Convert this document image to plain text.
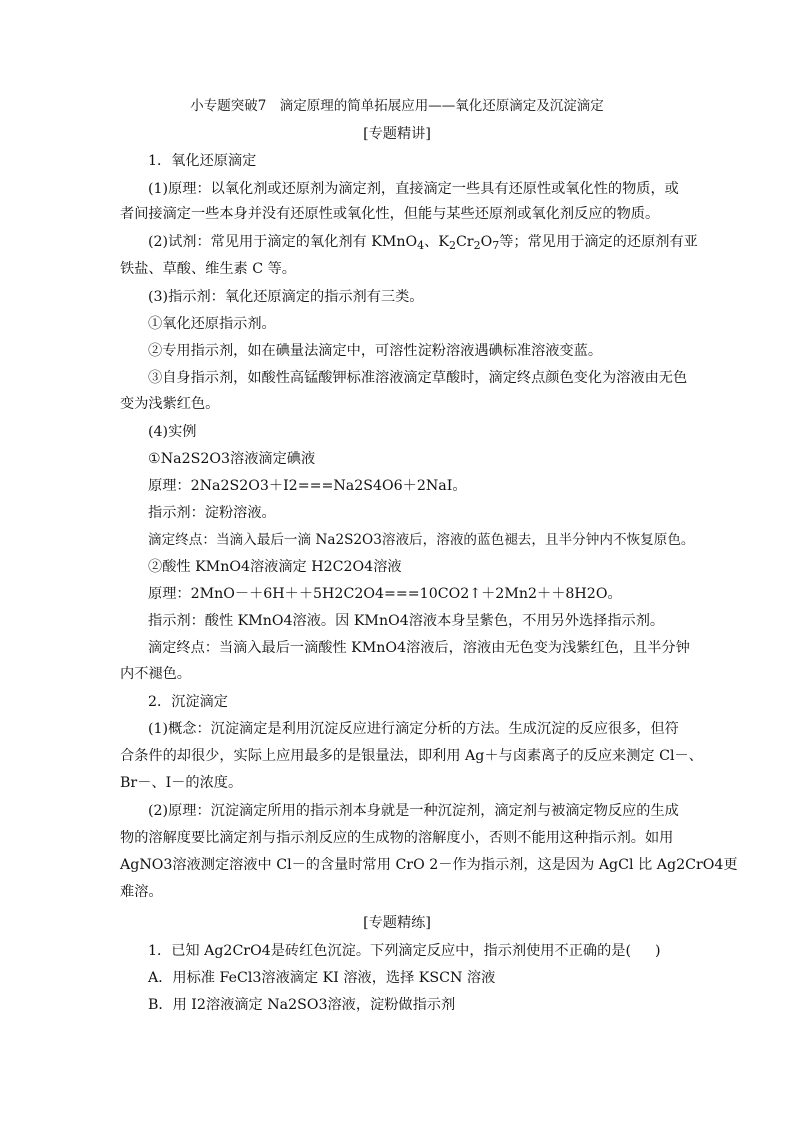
小专题突破7　滴定原理的简单拓展应用——氧化还原滴定及沉淀滴定
[专题精讲]
1．氧化还原滴定
(1)原理：以氧化剂或还原剂为滴定剂，直接滴定一些具有还原性或氧化性的物质，或
者间接滴定一些本身并没有还原性或氧化性，但能与某些还原剂或氧化剂反应的物质。
(2)试剂：常见用于滴定的氧化剂有 KMnO$_4$、$K_2Cr_2O_7$等；常见用于滴定的还原剂有亚
铁盐、草酸、维生素 C 等。
(3)指示剂：氧化还原滴定的指示剂有三类。
①氧化还原指示剂。
②专用指示剂，如在碘量法滴定中，可溶性淀粉溶液遇碘标准溶液变蓝。
③自身指示剂，如酸性高锰酸钾标准溶液滴定草酸时，滴定终点颜色变化为溶液由无色
变为浅紫红色。
(4)实例
①Na2S2O3溶液滴定碘液
原理：2Na2S2O3＋I2===Na2S4O6＋2NaI。
指示剂：淀粉溶液。
滴定终点：当滴入最后一滴 Na2S2O3溶液后，溶液的蓝色褪去，且半分钟内不恢复原色。
②酸性 KMnO4溶液滴定 H2C2O4溶液
原理：2MnO－＋6H＋＋5H2C2O4===10CO2↑＋2Mn2＋＋8H2O。
指示剂：酸性 KMnO4溶液。因 KMnO4溶液本身呈紫色，不用另外选择指示剂。
滴定终点：当滴入最后一滴酸性 KMnO4溶液后，溶液由无色变为浅紫红色，且半分钟
内不褪色。
2．沉淀滴定
(1)概念：沉淀滴定是利用沉淀反应进行滴定分析的方法。生成沉淀的反应很多，但符
合条件的却很少，实际上应用最多的是银量法，即利用 Ag＋与卤素离子的反应来测定 Cl－、
Br－、I－的浓度。
(2)原理：沉淀滴定所用的指示剂本身就是一种沉淀剂，滴定剂与被滴定物反应的生成
物的溶解度要比滴定剂与指示剂反应的生成物的溶解度小，否则不能用这种指示剂。如用
AgNO3溶液测定溶液中 Cl－的含量时常用 CrO 2－作为指示剂，这是因为 AgCl 比 Ag2CrO4更
难溶。
[专题精练]
1．已知 Ag2CrO4是砖红色沉淀。下列滴定反应中，指示剂使用不正确的是( )
A．用标准 FeCl3溶液滴定 KI 溶液，选择 KSCN 溶液
B．用 I2溶液滴定 Na2SO3溶液，淀粉做指示剂
